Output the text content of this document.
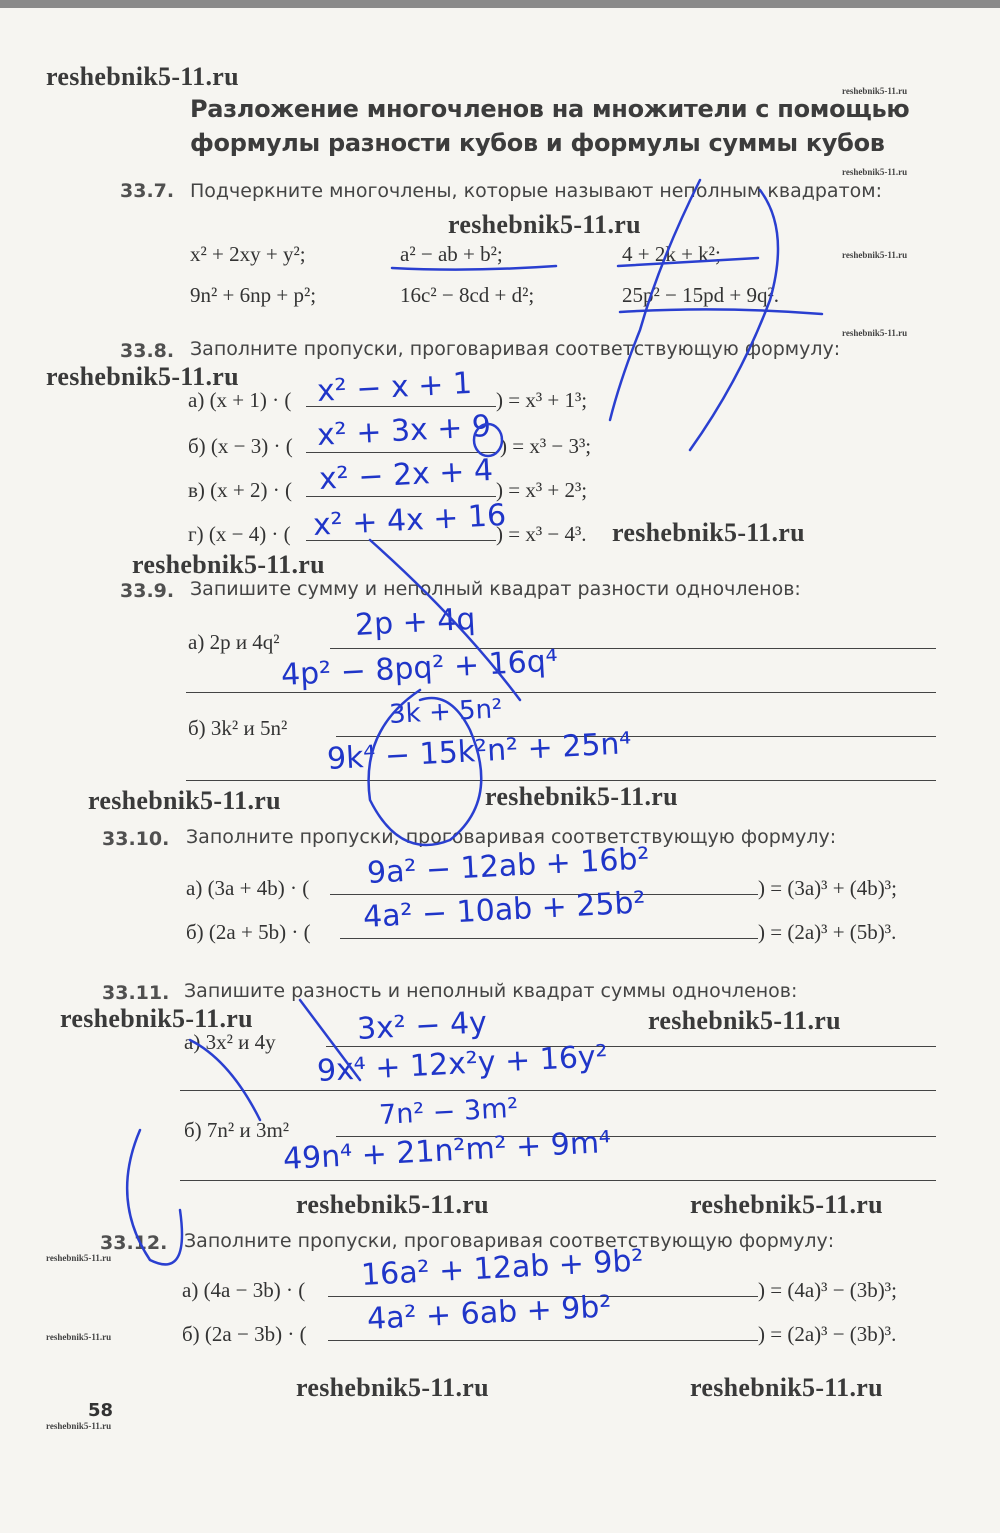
reshebnik5-11.ru	reshebnik5-11.ru
reshebnik5-11.ru
reshebnik5-11.ru
reshebnik5-11.ru
reshebnik5-11.ru
reshebnik5-11.ru
reshebnik5-11.ru
reshebnik5-11.ru
reshebnik5-11.ru	reshebnik5-11.ru
reshebnik5-11.ru	reshebnik5-11.ru
reshebnik5-11.ru	reshebnik5-11.ru
reshebnik5-11.ru
reshebnik5-11.ru
reshebnik5-11.ru	reshebnik5-11.ru
reshebnik5-11.ru
Разложение многочленов на множители с помощью формулы разности кубов и формулы суммы кубов
33.7. Подчеркните многочлены, которые называют неполным квадратом:
x² + 2xy + y²;	a² − ab + b²;	4 + 2k + k²;
9n² + 6np + p²;	16c² − 8cd + d²;	25p² − 15pd + 9q².
33.8. Заполните пропуски, проговаривая соответствующую формулу:
а) (x + 1) · (	) = x³ + 1³;
x² − x + 1
б) (x − 3) · (	) = x³ − 3³;
x² + 3x + 9
в) (x + 2) · (	) = x³ + 2³;
x² − 2x + 4
г) (x − 4) · (	) = x³ − 4³.
x² + 4x + 16
33.9. Запишите сумму и неполный квадрат разности одночленов:
а) 2p и 4q² 2p + 4q
4p² − 8pq² + 16q⁴
б) 3k² и 5n²	3k + 5n²
9k⁴ − 15k²n² + 25n⁴
33.10. Заполните пропуски, проговаривая соответствующую формулу:
а) (3a + 4b) · (	) = (3a)³ + (4b)³;
9a² − 12ab + 16b²
б) (2a + 5b) · (	) = (2a)³ + (5b)³.
4a² − 10ab + 25b²
33.11. Запишите разность и неполный квадрат суммы одночленов:
а) 3x² и 4y	3x² − 4y
9x⁴ + 12x²y + 16y²
б) 7n² и 3m²	7n² − 3m²
49n⁴ + 21n²m² + 9m⁴
33.12. Заполните пропуски, проговаривая соответствующую формулу:
а) (4a − 3b) · (	) = (4a)³ − (3b)³;
16a² + 12ab + 9b²
б) (2a − 3b) · (	) = (2a)³ − (3b)³.
4a² + 6ab + 9b²
58
